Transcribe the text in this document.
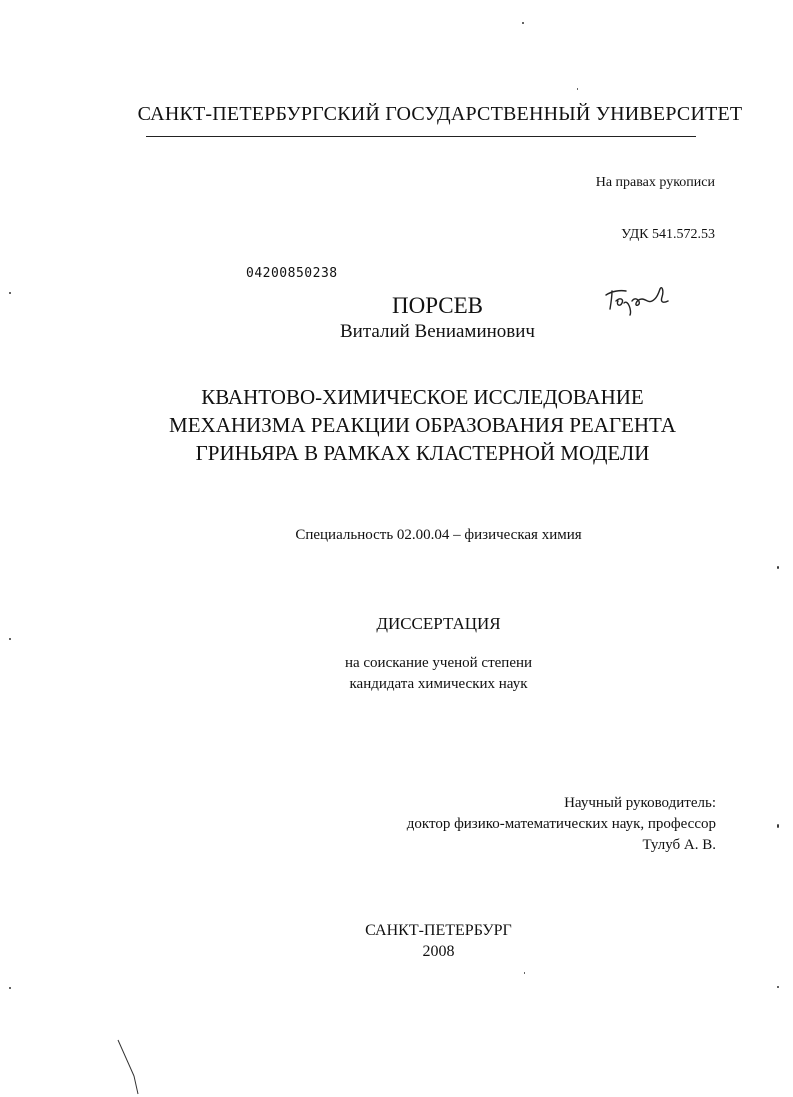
САНКТ-ПЕТЕРБУРГСКИЙ ГОСУДАРСТВЕННЫЙ УНИВЕРСИТЕТ
На правах рукописи
УДК 541.572.53
04200850238
ПОРСЕВ
Виталий Вениаминович
КВАНТОВО-ХИМИЧЕСКОЕ ИССЛЕДОВАНИЕ
МЕХАНИЗМА РЕАКЦИИ ОБРАЗОВАНИЯ РЕАГЕНТА
ГРИНЬЯРА В РАМКАХ КЛАСТЕРНОЙ МОДЕЛИ
Специальность 02.00.04 – физическая химия
ДИССЕРТАЦИЯ
на соискание ученой степени
кандидата химических наук
Научный руководитель:
доктор физико-математических наук, профессор
Тулуб А. В.
САНКТ-ПЕТЕРБУРГ
2008
